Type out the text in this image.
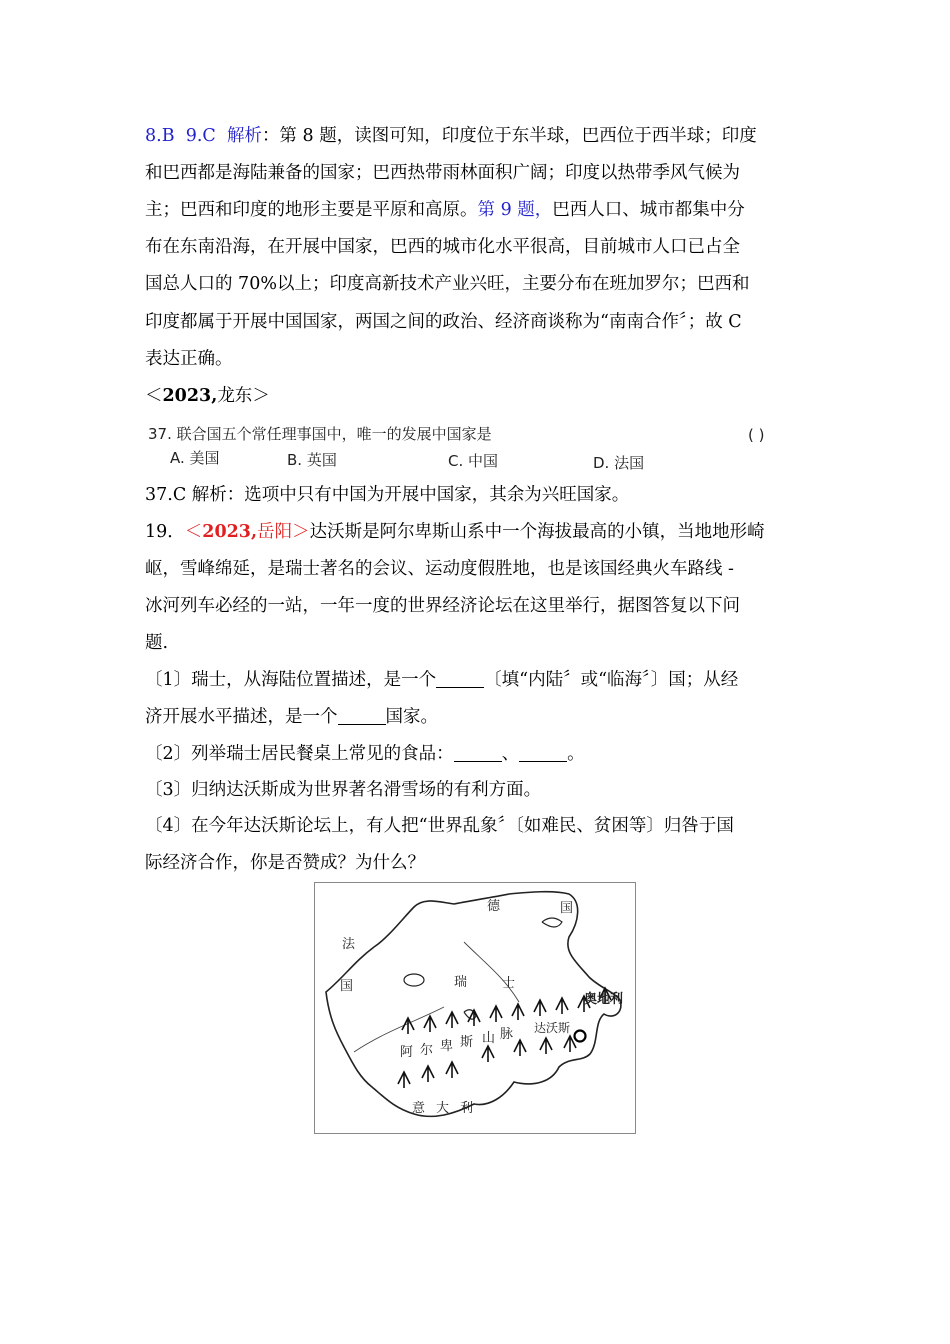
8.B 9.C 解析：第 8 题，读图可知，印度位于东半球，巴西位于西半球；印度
和巴西都是海陆兼备的国家；巴西热带雨林面积广阔；印度以热带季风气候为
主；巴西和印度的地形主要是平原和高原。第 9 题，巴西人口、城市都集中分
布在东南沿海，在开展中国家，巴西的城市化水平很高，目前城市人口已占全
国总人口的 70%以上；印度高新技术产业兴旺，主要分布在班加罗尔；巴西和
印度都属于开展中国国家，两国之间的政治、经济商谈称为“南南合作〞；故 C
表达正确。
＜2023,龙东＞
37. 联合国五个常任理事国中，唯一的发展中国家是	( )
A. 美国	B. 英国	C. 中国	D. 法国
37.C 解析：选项中只有中国为开展中国家，其余为兴旺国家。
19．＜2023,岳阳＞达沃斯是阿尔卑斯山系中一个海拔最高的小镇，当地地形崎
岖，雪峰绵延，是瑞士著名的会议、运动度假胜地，也是该国经典火车路线 -
冰河列车必经的一站，一年一度的世界经济论坛在这里举行，据图答复以下问
题.
〔1〕瑞士，从海陆位置描述，是一个	〔填“内陆〞或“临海〞〕国；从经
济开展水平描述，是一个	国家。
〔2〕列举瑞士居民餐桌上常见的食品：	、	。
〔3〕归纳达沃斯成为世界著名滑雪场的有利方面。
〔4〕在今年达沃斯论坛上，有人把“世界乱象〞〔如难民、贫困等〕归咎于国
际经济合作，你是否赞成？为什么？
德	国
法
国	瑞	士
奥地利
阿 尔 卑 斯 山 脉 达沃斯
意 大 利
